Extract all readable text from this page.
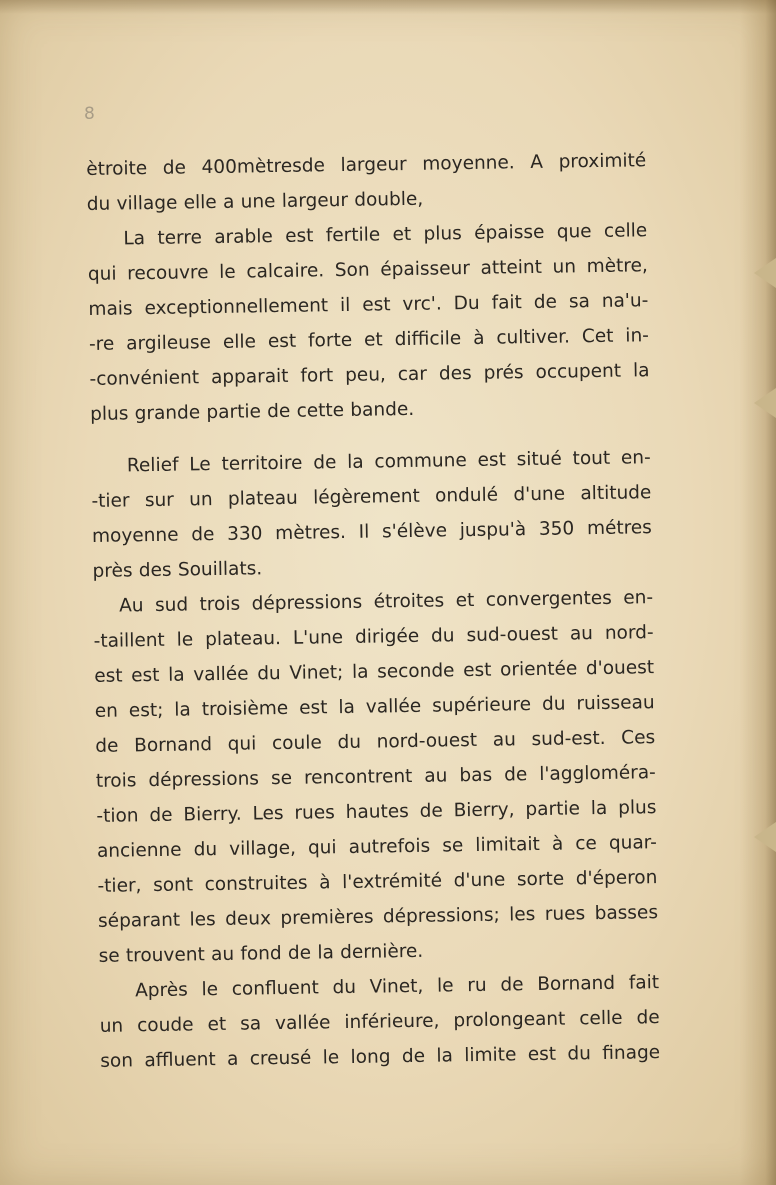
8
ètroite de 400mètresde largeur moyenne. A proximité
du village elle a une largeur double,
La terre arable est fertile et plus épaisse que celle
qui recouvre le calcaire. Son épaisseur atteint un mètre,
mais exceptionnellement il est vrc'. Du fait de sa na'u-
-re argileuse elle est forte et difficile à cultiver. Cet in-
-convénient apparait fort peu, car des prés occupent la
plus grande partie de cette bande.
Relief Le territoire de la commune est situé tout en-
-tier sur un plateau légèrement ondulé d'une altitude
moyenne de 330 mètres. Il s'élève juspu'à 350 métres
près des Souillats.
Au sud trois dépressions étroites et convergentes en-
-taillent le plateau. L'une dirigée du sud-ouest au nord-
est est la vallée du Vinet; la seconde est orientée d'ouest
en est; la troisième est la vallée supérieure du ruisseau
de Bornand qui coule du nord-ouest au sud-est. Ces
trois dépressions se rencontrent au bas de l'aggloméra-
-tion de Bierry. Les rues hautes de Bierry, partie la plus
ancienne du village, qui autrefois se limitait à ce quar-
-tier, sont construites à l'extrémité d'une sorte d'éperon
séparant les deux premières dépressions; les rues basses
se trouvent au fond de la dernière.
Après le confluent du Vinet, le ru de Bornand fait
un coude et sa vallée inférieure, prolongeant celle de
son affluent a creusé le long de la limite est du finage
